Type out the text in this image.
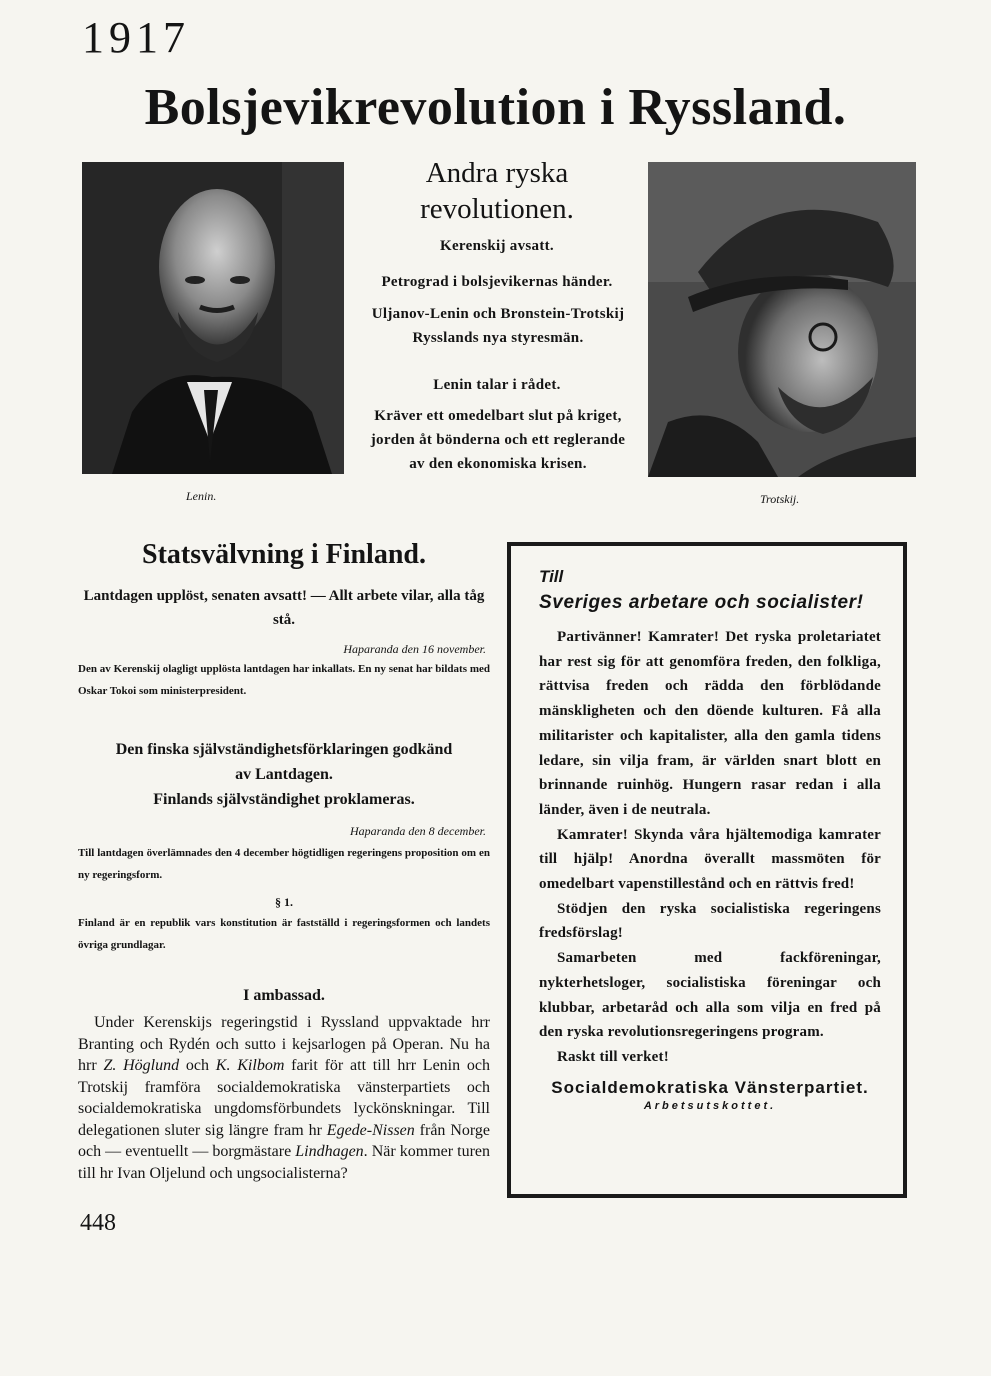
1917
Bolsjevikrevolution i Ryssland.
Lenin.	Trotskij.
Andra ryska
revolutionen.
Kerenskij avsatt.
Petrograd i bolsjevikernas händer.
Uljanov-Lenin och Bronstein-Trotskij Rysslands nya styresmän.
Lenin talar i rådet.
Kräver ett omedelbart slut på kriget, jorden åt bönderna och ett reglerande av den ekonomiska krisen.
Statsvälvning i Finland.
Lantdagen upplöst, senaten avsatt! — Allt arbete vilar, alla tåg stå.
Haparanda den 16 november.
Den av Kerenskij olagligt upplösta lantdagen har inkallats. En ny senat har bildats med Oskar Tokoi som ministerpresident.
Den finska självständighetsförklaringen godkänd
av Lantdagen.
Finlands självständighet proklameras.
Haparanda den 8 december.
Till lantdagen överlämnades den 4 december högtidligen regeringens proposition om en ny regeringsform.
§ 1.
Finland är en republik vars konstitution är fastställd i regeringsformen och landets övriga grundlagar.
I ambassad.

Under Kerenskijs regeringstid i Ryssland uppvaktade hrr Branting och Rydén och sutto i kejsarlogen på Operan. Nu ha hrr Z. Höglund och K. Kilbom farit för att till hrr Lenin och Trotskij framföra socialdemokratiska vänsterpartiets och socialdemokratiska ungdomsförbundets lyckönskningar. Till delegationen sluter sig längre fram hr Egede-Nissen från Norge och — eventuellt — borgmästare Lindhagen. När kommer turen till hr Ivan Oljelund och ungsocialisterna?

448
Till
Sveriges arbetare och socialister!

Partivänner! Kamrater! Det ryska proletariatet har rest sig för att genomföra freden, den folkliga, rättvisa freden och rädda den förblödande mänskligheten och den döende kulturen. Få alla militarister och kapitalister, alla den gamla tidens ledare, sin vilja fram, är världen snart blott en brinnande ruinhög. Hungern rasar redan i alla länder, även i de neutrala.

Kamrater! Skynda våra hjältemodiga kamrater till hjälp! Anordna överallt massmöten för omedelbart vapenstillestånd och en rättvis fred!

Stödjen den ryska socialistiska regeringens fredsförslag!

Samarbeten med fackföreningar, nykterhetsloger, socialistiska föreningar och klubbar, arbetaråd och alla som vilja en fred på den ryska revolutionsregeringens program.

Raskt till verket!

Socialdemokratiska Vänsterpartiet.
Arbetsutskottet.
